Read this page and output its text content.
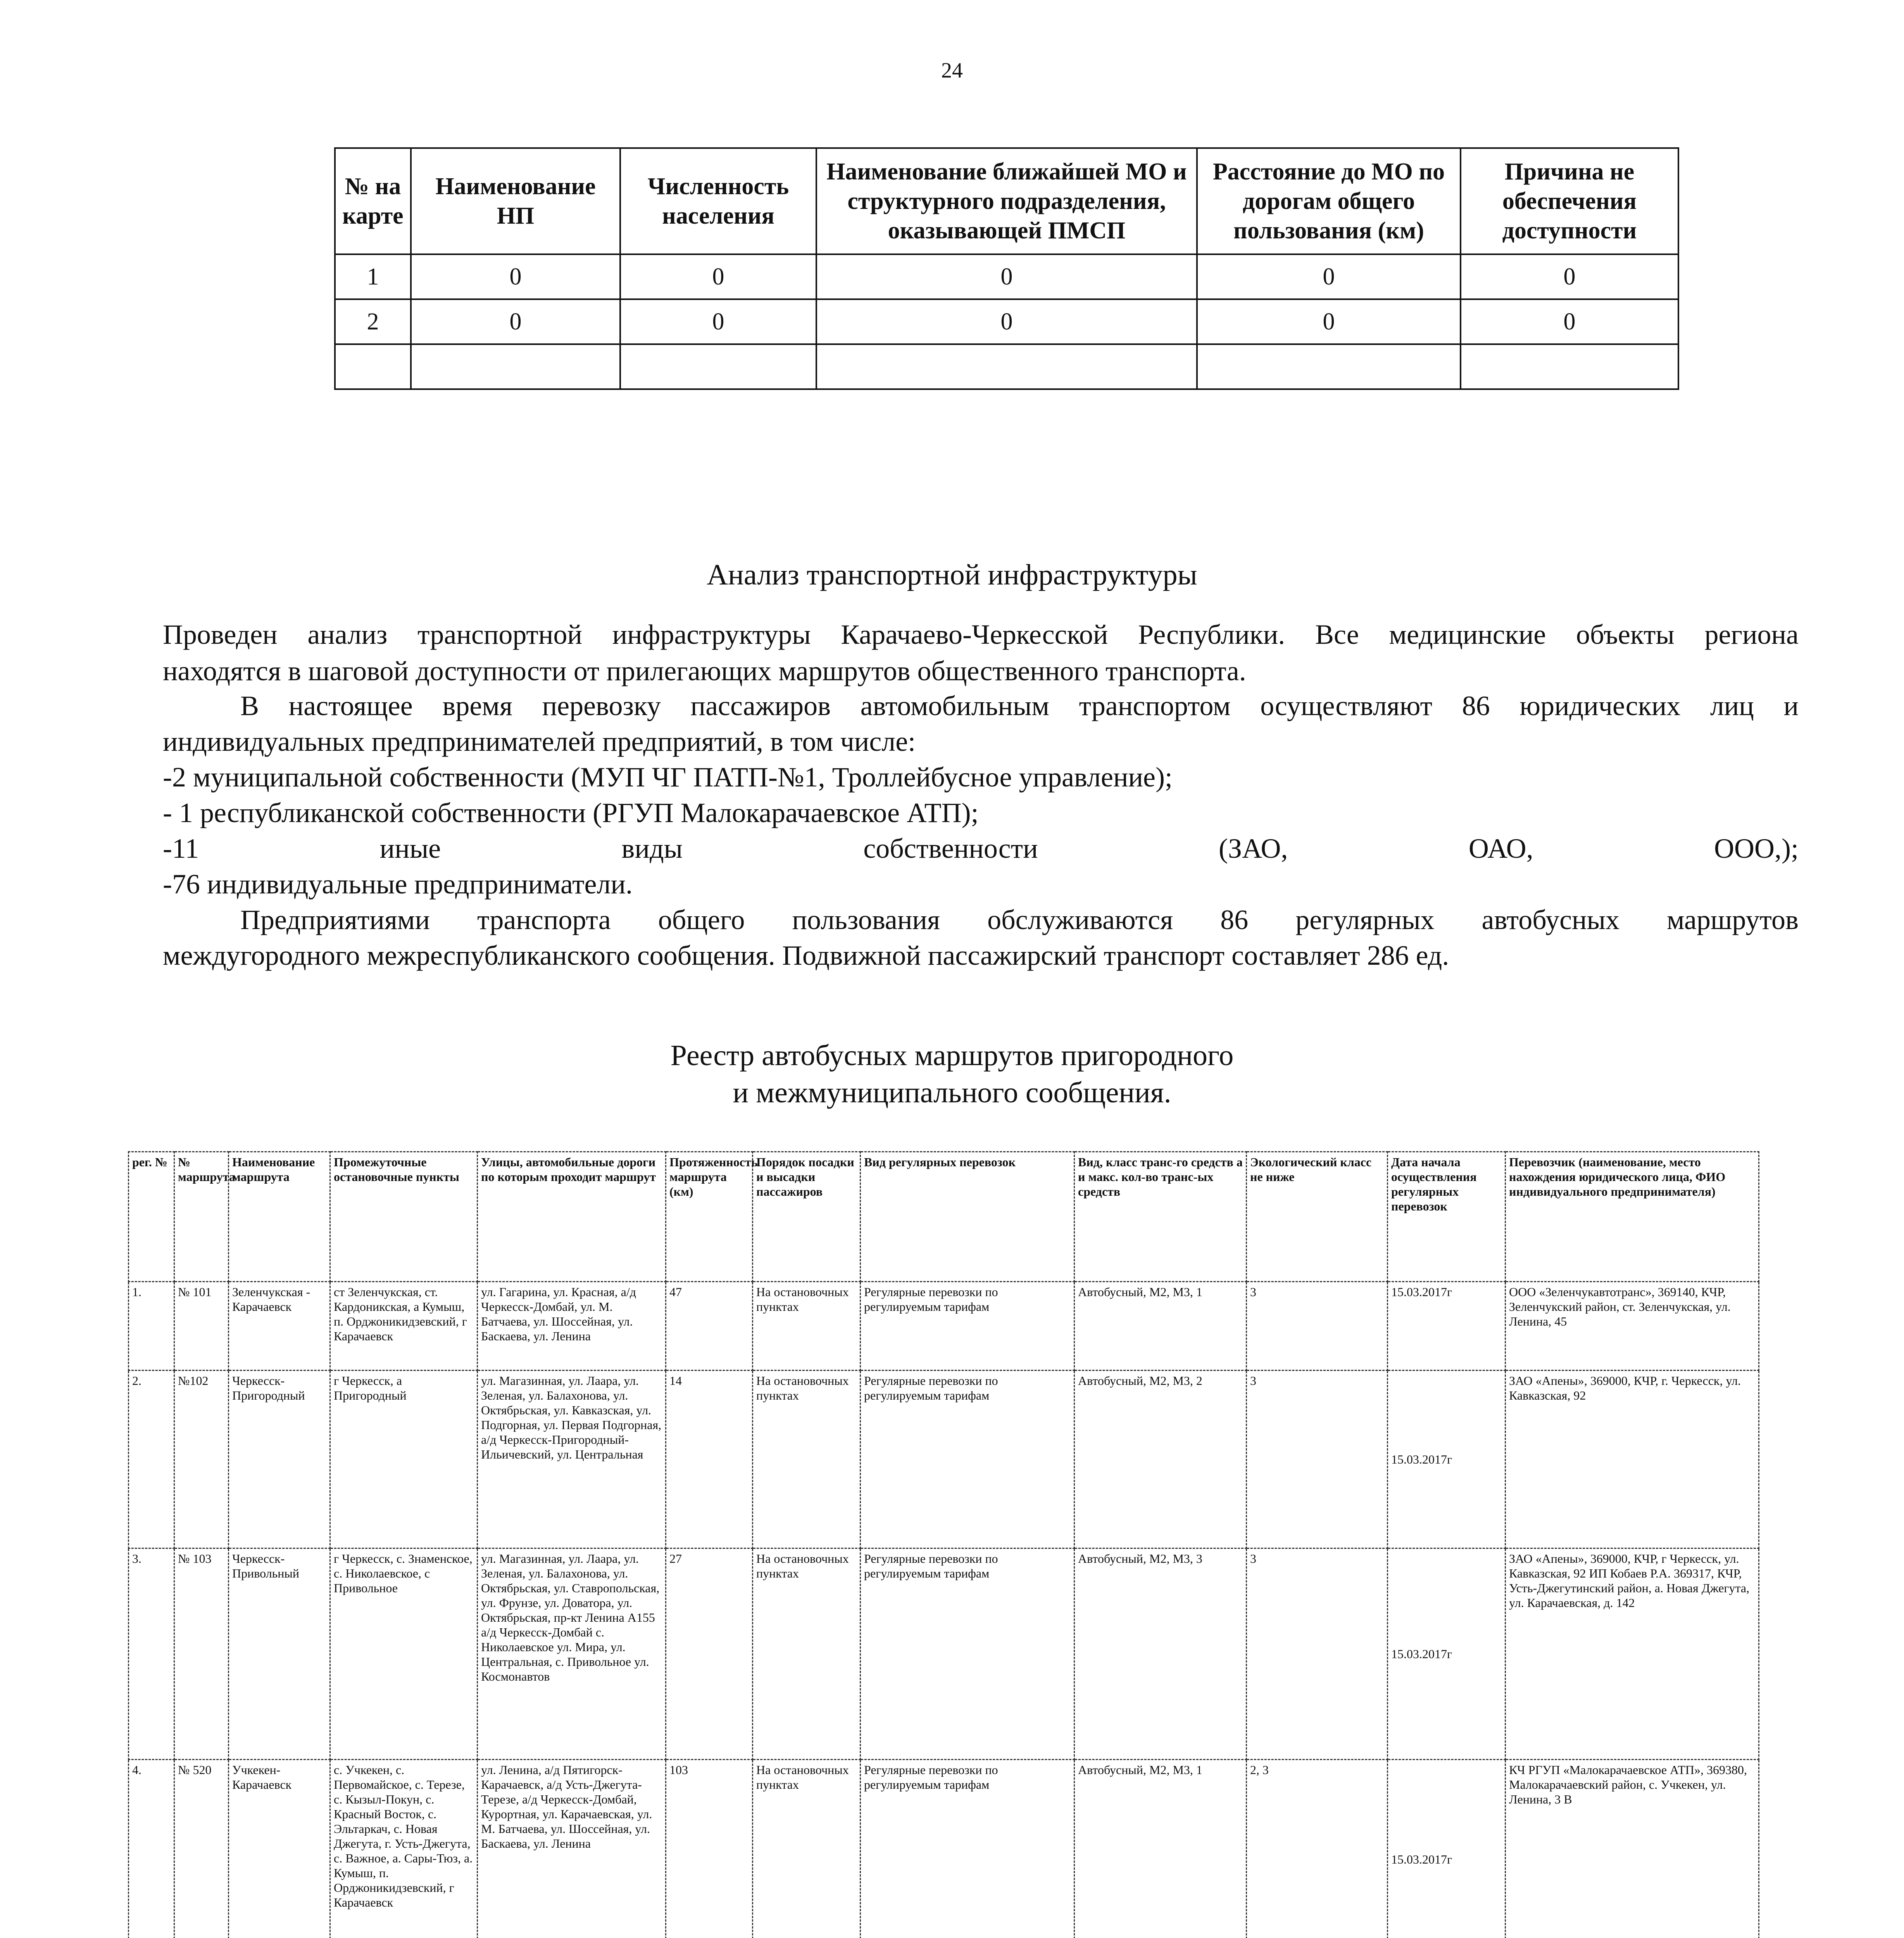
24
№ на карте	Наименование НП	Численность населения	Наименование ближайшей МО и структурного подразделения, оказывающей ПМСП	Расстояние до МО по дорогам общего пользования (км)	Причина не обеспечения доступности
1	0	0	0	0	0
2	0	0	0	0	0

Анализ транспортной инфраструктуры

Проведен анализ транспортной инфраструктуры Карачаево-Черкесской Республики. Все медицинские объекты региона

находятся в шаговой доступности от прилегающих маршрутов общественного транспорта.

В настоящее время перевозку пассажиров автомобильным транспортом осуществляют 86 юридических лиц и

индивидуальных предпринимателей предприятий, в том числе:

-2 муниципальной собственности (МУП ЧГ ПАТП-№1, Троллейбусное управление);

- 1 республиканской собственности (РГУП Малокарачаевское АТП);

-11 иные виды собственности (ЗАО, ОАО, ООО,);

-76 индивидуальные предприниматели.

Предприятиями транспорта общего пользования обслуживаются 86 регулярных автобусных маршрутов

междугородного межреспубликанского сообщения. Подвижной пассажирский транспорт составляет 286 ед.

Реестр автобусных маршрутов пригородного
и межмуниципального сообщения.
рег. №	№ маршрута	Наименование маршрута	Промежуточные остановочные пункты	Улицы, автомобильные дороги по которым проходит маршрут	Протяженность маршрута (км)	Порядок посадки и высадки пассажиров	Вид регулярных перевозок	Вид, класс транс-го средств а и макс. кол-во транс-ых средств	Экологический класс не ниже	Дата начала осуществления регулярных перевозок	Перевозчик (наименование, место нахождения юридического лица, ФИО индивидуального предпринимателя)
1.	№ 101	Зеленчукская - Карачаевск	ст Зеленчукская, ст. Кардоникская, а Кумыш, п. Орджоникидзевский, г Карачаевск	ул. Гагарина, ул. Красная, а/д Черкесск-Домбай, ул. М. Батчаева, ул. Шоссейная, ул. Баскаева, ул. Ленина	47	На остановочных пунктах	Регулярные перевозки по регулируемым тарифам	Автобусный, М2, М3, 1	3	15.03.2017г	ООО «Зеленчукавтотранс», 369140, КЧР, Зеленчукский район, ст. Зеленчукская, ул. Ленина, 45
2.	№102	Черкесск-Пригородный	г Черкесск, а Пригородный	ул. Магазинная, ул. Лаара, ул. Зеленая, ул. Балахонова, ул. Октябрьская, ул. Кавказская, ул. Подгорная, ул. Первая Подгорная, а/д Черкесск-Пригородный-Ильичевский, ул. Центральная	14	На остановочных пунктах	Регулярные перевозки по регулируемым тарифам	Автобусный, М2, М3, 2	3	15.03.2017г	ЗАО «Апены», 369000, КЧР, г. Черкесск, ул. Кавказская, 92
3.	№ 103	Черкесск-Привольный	г Черкесск, с. Знаменское, с. Николаевское, с Привольное	ул. Магазинная, ул. Лаара, ул. Зеленая, ул. Балахонова, ул. Октябрьская, ул. Ставропольская, ул. Фрунзе, ул. Доватора, ул. Октябрьская, пр-кт Ленина А155 а/д Черкесск-Домбай с. Николаевское ул. Мира, ул. Центральная, с. Привольное ул. Космонавтов	27	На остановочных пунктах	Регулярные перевозки по регулируемым тарифам	Автобусный, М2, М3, 3	3	15.03.2017г	ЗАО «Апены», 369000, КЧР, г Черкесск, ул. Кавказская, 92 ИП Кобаев Р.А. 369317, КЧР, Усть-Джегутинский район, а. Новая Джегута, ул. Карачаевская, д. 142
4.	№ 520	Учкекен-Карачаевск	с. Учкекен, с. Первомайское, с. Терезе, с. Кызыл-Покун, с. Красный Восток, с. Эльтаркач, с. Новая Джегута, г. Усть-Джегута, с. Важное, а. Сары-Тюз, а. Кумыш, п. Орджоникидзевский, г Карачаевск	ул. Ленина, а/д Пятигорск-Карачаевск, а/д Усть-Джегута-Терезе, а/д Черкесск-Домбай, Курортная, ул. Карачаевская, ул. М. Батчаева, ул. Шоссейная, ул. Баскаева, ул. Ленина	103	На остановочных пунктах	Регулярные перевозки по регулируемым тарифам	Автобусный, М2, М3, 1	2, 3	15.03.2017г	КЧ РГУП «Малокарачаевское АТП», 369380, Малокарачаевский район, с. Учкекен, ул. Ленина, 3 В
